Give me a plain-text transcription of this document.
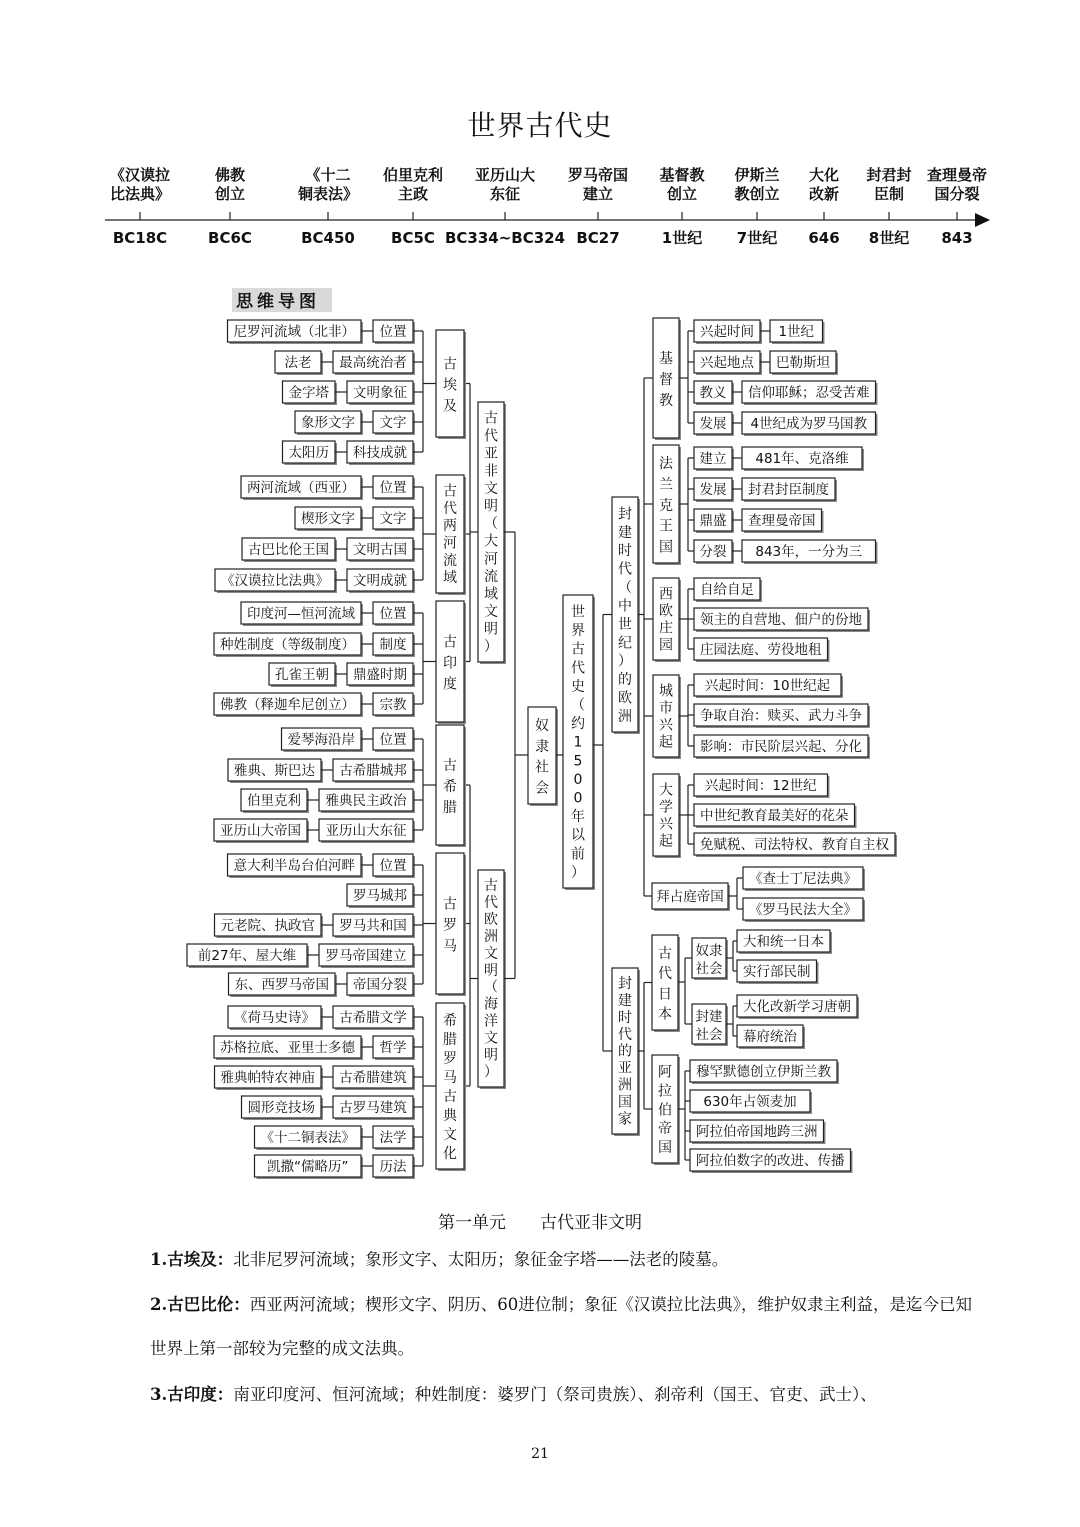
世界古代史
《汉谟拉
比法典》
BC18C
佛教
创立
BC6C
《十二
铜表法》
BC450
伯里克利
主政
BC5C
亚历山大
东征
BC334~BC324
罗马帝国
建立
BC27
基督教
创立
1世纪
伊斯兰
教创立
7世纪
大化
改新
646
封君封
臣制
8世纪
查理曼帝
国分裂
843
思维导图
世界古代史（约 1 5 0 0 年以前）
奴隶社会
古代亚非文明（大河流域文明）
古埃及
位置
尼罗河流域（北非）
最高统治者
法老
文明象征
金字塔
文字
象形文字
科技成就
太阳历
古代两河流域
位置
两河流域（西亚）
文字
楔形文字
文明古国
古巴比伦王国
文明成就
《汉谟拉比法典》
古印度
位置
印度河—恒河流域
制度
种姓制度（等级制度）
鼎盛时期
孔雀王朝
宗教
佛教（释迦牟尼创立）
古代欧洲文明（海洋文明）
古希腊
位置
爱琴海沿岸
古希腊城邦
雅典、斯巴达
雅典民主政治
伯里克利
亚历山大东征
亚历山大帝国
古罗马
位置
意大利半岛台伯河畔
罗马城邦
罗马共和国
元老院、执政官
罗马帝国建立
前27年、屋大维
帝国分裂
东、西罗马帝国
希腊罗马古典文化
古希腊文学
《荷马史诗》
哲学
苏格拉底、亚里士多德
古希腊建筑
雅典帕特农神庙
古罗马建筑
圆形竞技场
法学
《十二铜表法》
历法
凯撒“儒略历”
封建时代（中世纪）的欧洲
封建时代的亚洲国家
基督教
兴起时间 1世纪
兴起地点 巴勒斯坦
教义 信仰耶稣；忍受苦难
发展 4世纪成为罗马国教
法兰克王国
建立 481年、克洛维
发展 封君封臣制度
鼎盛 查理曼帝国
分裂 843年，一分为三
西欧庄园
自给自足
领主的自营地、佃户的份地
庄园法庭、劳役地租
城市兴起
兴起时间：10世纪起
争取自治：赎买、武力斗争
影响：市民阶层兴起、分化
大学兴起
兴起时间：12世纪
中世纪教育最美好的花朵
免赋税、司法特权、教育自主权
拜占庭帝国
《查士丁尼法典》
《罗马民法大全》
古代日本
奴隶
社会
大和统一日本
实行部民制
封建
社会
大化改新学习唐朝
幕府统治
阿拉伯帝国
穆罕默德创立伊斯兰教
630年占领麦加
阿拉伯帝国地跨三洲
阿拉伯数字的改进、传播
第一单元　　古代亚非文明
1.古埃及：北非尼罗河流域；象形文字、太阳历；象征金字塔——法老的陵墓。
2.古巴比伦：西亚两河流域；楔形文字、阴历、60进位制；象征《汉谟拉比法典》，维护奴隶主利益，是迄今已知世界上第一部较为完整的成文法典。
3.古印度：南亚印度河、恒河流域；种姓制度：婆罗门（祭司贵族）、刹帝利（国王、官吏、武士）、
21
